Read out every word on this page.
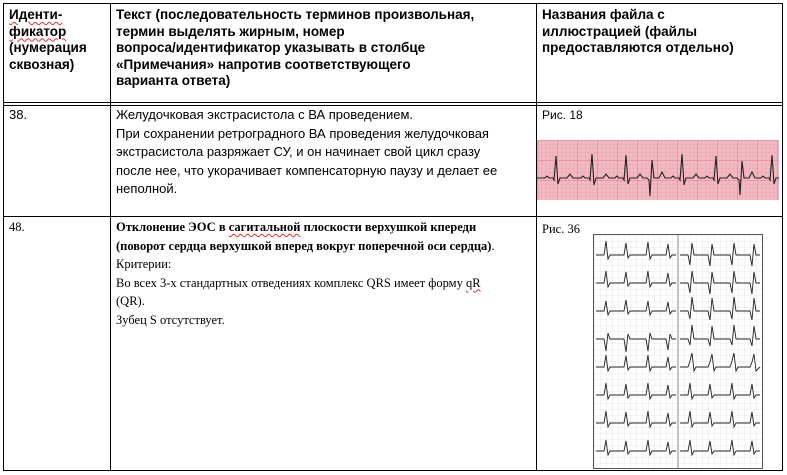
Иденти-
фикатор
(нумерация
сквозная)
Текст (последовательность терминов произвольная,
термин выделять жирным, номер
вопроса/идентификатор указывать в столбце
«Примечания» напротив соответствующего
варианта ответа)
Названия файла с
иллюстрацией (файлы
предоставляются отдельно)
38.	Желудочковая экстрасистола с ВА проведением.
При сохранении ретроградного ВА проведения желудочковая
экстрасистола разряжает СУ, и он начинает свой цикл сразу
после нее, что укорачивает компенсаторную паузу и делает ее
неполной.
Рис. 18
48.	Отклонение ЭОС в сагитальной плоскости верхушкой кпереди
(поворот сердца верхушкой вперед вокруг поперечной оси сердца).
Критерии:
Во всех 3-х стандартных отведениях комплекс QRS имеет форму qR
(QR).
Зубец S отсутствует.
Рис. 36
